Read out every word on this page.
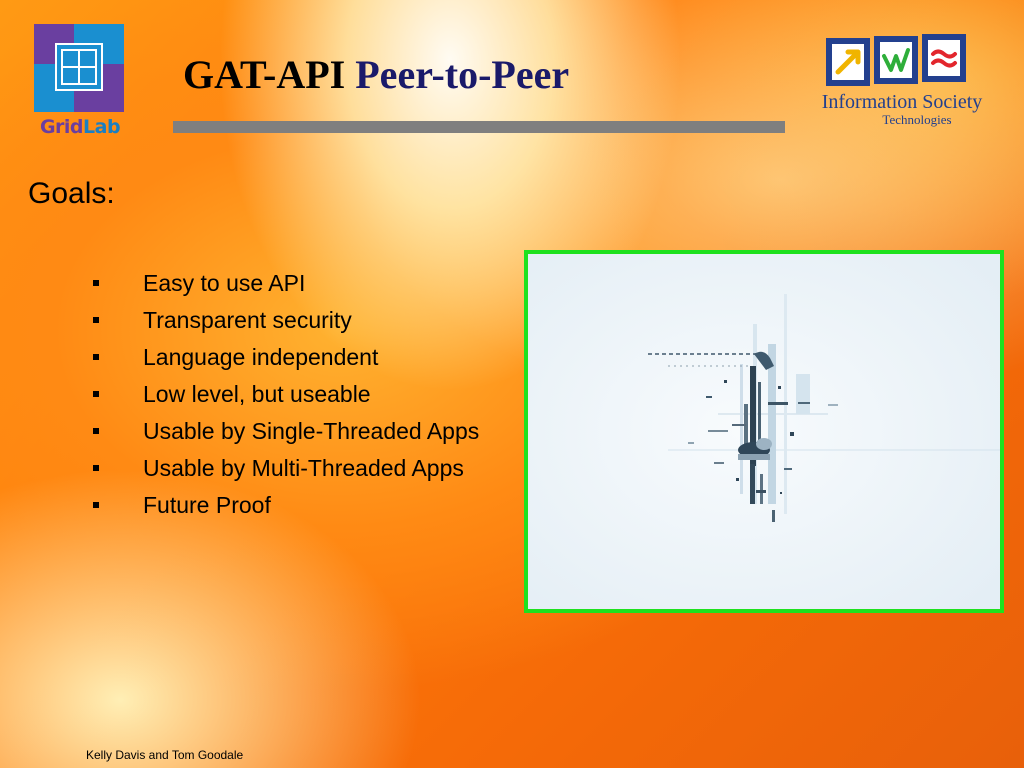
GridLab
GAT-API Peer-to-Peer
Information Society
Technologies
Goals:
Easy to use API
Transparent security
Language independent
Low level, but useable
Usable by Single-Threaded Apps
Usable by Multi-Threaded Apps
Future Proof
Kelly Davis and Tom Goodale
